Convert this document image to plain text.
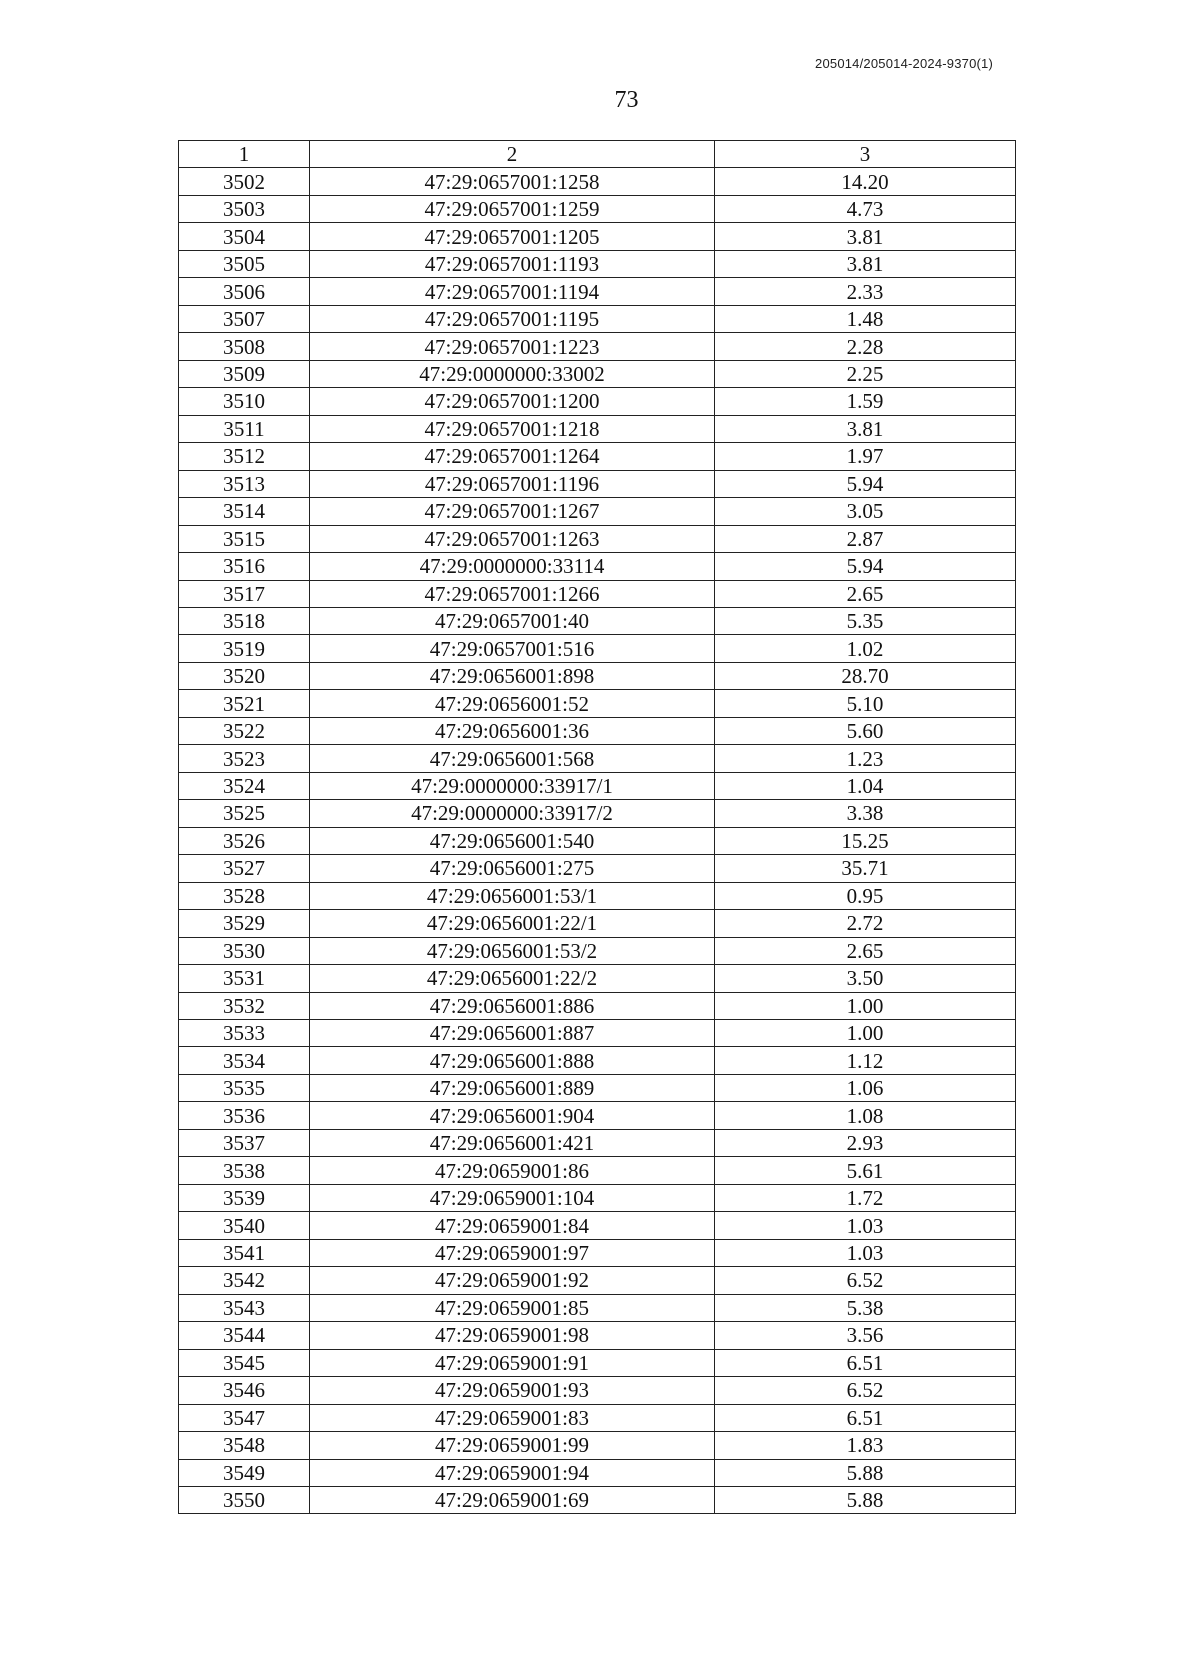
205014/205014-2024-9370(1)
73
1	2	3
3502	47:29:0657001:1258	14.20
3503	47:29:0657001:1259	4.73
3504	47:29:0657001:1205	3.81
3505	47:29:0657001:1193	3.81
3506	47:29:0657001:1194	2.33
3507	47:29:0657001:1195	1.48
3508	47:29:0657001:1223	2.28
3509	47:29:0000000:33002	2.25
3510	47:29:0657001:1200	1.59
3511	47:29:0657001:1218	3.81
3512	47:29:0657001:1264	1.97
3513	47:29:0657001:1196	5.94
3514	47:29:0657001:1267	3.05
3515	47:29:0657001:1263	2.87
3516	47:29:0000000:33114	5.94
3517	47:29:0657001:1266	2.65
3518	47:29:0657001:40	5.35
3519	47:29:0657001:516	1.02
3520	47:29:0656001:898	28.70
3521	47:29:0656001:52	5.10
3522	47:29:0656001:36	5.60
3523	47:29:0656001:568	1.23
3524	47:29:0000000:33917/1	1.04
3525	47:29:0000000:33917/2	3.38
3526	47:29:0656001:540	15.25
3527	47:29:0656001:275	35.71
3528	47:29:0656001:53/1	0.95
3529	47:29:0656001:22/1	2.72
3530	47:29:0656001:53/2	2.65
3531	47:29:0656001:22/2	3.50
3532	47:29:0656001:886	1.00
3533	47:29:0656001:887	1.00
3534	47:29:0656001:888	1.12
3535	47:29:0656001:889	1.06
3536	47:29:0656001:904	1.08
3537	47:29:0656001:421	2.93
3538	47:29:0659001:86	5.61
3539	47:29:0659001:104	1.72
3540	47:29:0659001:84	1.03
3541	47:29:0659001:97	1.03
3542	47:29:0659001:92	6.52
3543	47:29:0659001:85	5.38
3544	47:29:0659001:98	3.56
3545	47:29:0659001:91	6.51
3546	47:29:0659001:93	6.52
3547	47:29:0659001:83	6.51
3548	47:29:0659001:99	1.83
3549	47:29:0659001:94	5.88
3550	47:29:0659001:69	5.88
